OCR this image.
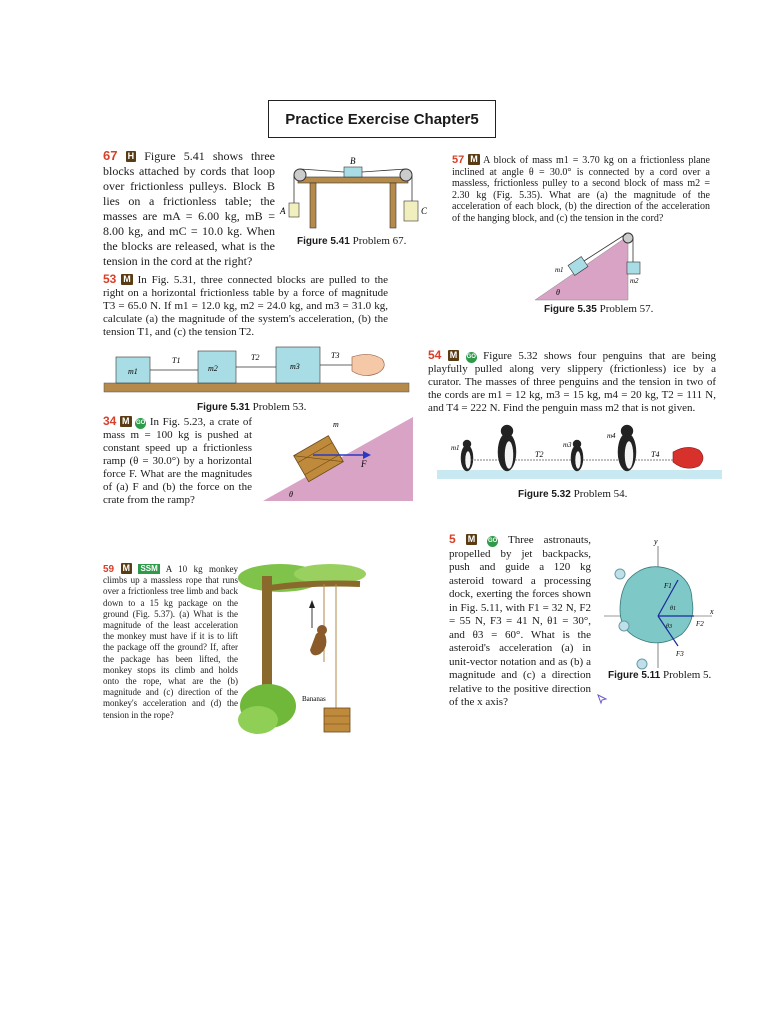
Practice Exercise Chapter5
67 H Figure 5.41 shows three blocks attached by cords that loop over frictionless pulleys. Block B lies on a frictionless table; the masses are mA = 6.00 kg, mB = 8.00 kg, and mC = 10.0 kg. When the blocks are released, what is the tension in the cord at the right?
B
A	C
Figure 5.41 Problem 67.
57 M A block of mass m1 = 3.70 kg on a frictionless plane inclined at angle θ = 30.0° is connected by a cord over a massless, frictionless pulley to a second block of mass m2 = 2.30 kg (Fig. 5.35). What are (a) the magnitude of the acceleration of each block, (b) the direction of the acceleration of the hanging block, and (c) the tension in the cord?
m1
m2
θ
Figure 5.35 Problem 57.
53 M In Fig. 5.31, three connected blocks are pulled to the right on a horizontal frictionless table by a force of magnitude T3 = 65.0 N. If m1 = 12.0 kg, m2 = 24.0 kg, and m3 = 31.0 kg, calculate (a) the magnitude of the system's acceleration, (b) the tension T1, and (c) the tension T2.
m1	m2	m3
T1	T2	T3
Figure 5.31 Problem 53.
54 M GO Figure 5.32 shows four penguins that are being playfully pulled along very slippery (frictionless) ice by a curator. The masses of three penguins and the tension in two of the cords are m1 = 12 kg, m3 = 15 kg, m4 = 20 kg, T2 = 111 N, and T4 = 222 N. Find the penguin mass m2 that is not given.
m1	m3
m4
T2	T4
Figure 5.32 Problem 54.
34 M GO In Fig. 5.23, a crate of mass m = 100 kg is pushed at constant speed up a frictionless ramp (θ = 30.0°) by a horizontal force F. What are the magnitudes of (a) F and (b) the force on the crate from the ramp?
m
F
θ
5 M GO Three astronauts, propelled by jet backpacks, push and guide a 120 kg asteroid toward a processing dock, exerting the forces shown in Fig. 5.11, with F1 = 32 N, F2 = 55 N, F3 = 41 N, θ1 = 30°, and θ3 = 60°. What is the asteroid's acceleration (a) in unit-vector notation and as (b) a magnitude and (c) a direction relative to the positive direction of the x axis?
y
x
F1
F2
F3
θ1
θ3
Figure 5.11 Problem 5.
59 M SSM A 10 kg monkey climbs up a massless rope that runs over a frictionless tree limb and back down to a 15 kg package on the ground (Fig. 5.37). (a) What is the magnitude of the least acceleration the monkey must have if it is to lift the package off the ground? If, after the package has been lifted, the monkey stops its climb and holds onto the rope, what are the (b) magnitude and (c) direction of the monkey's acceleration and (d) the tension in the rope?
Bananas
